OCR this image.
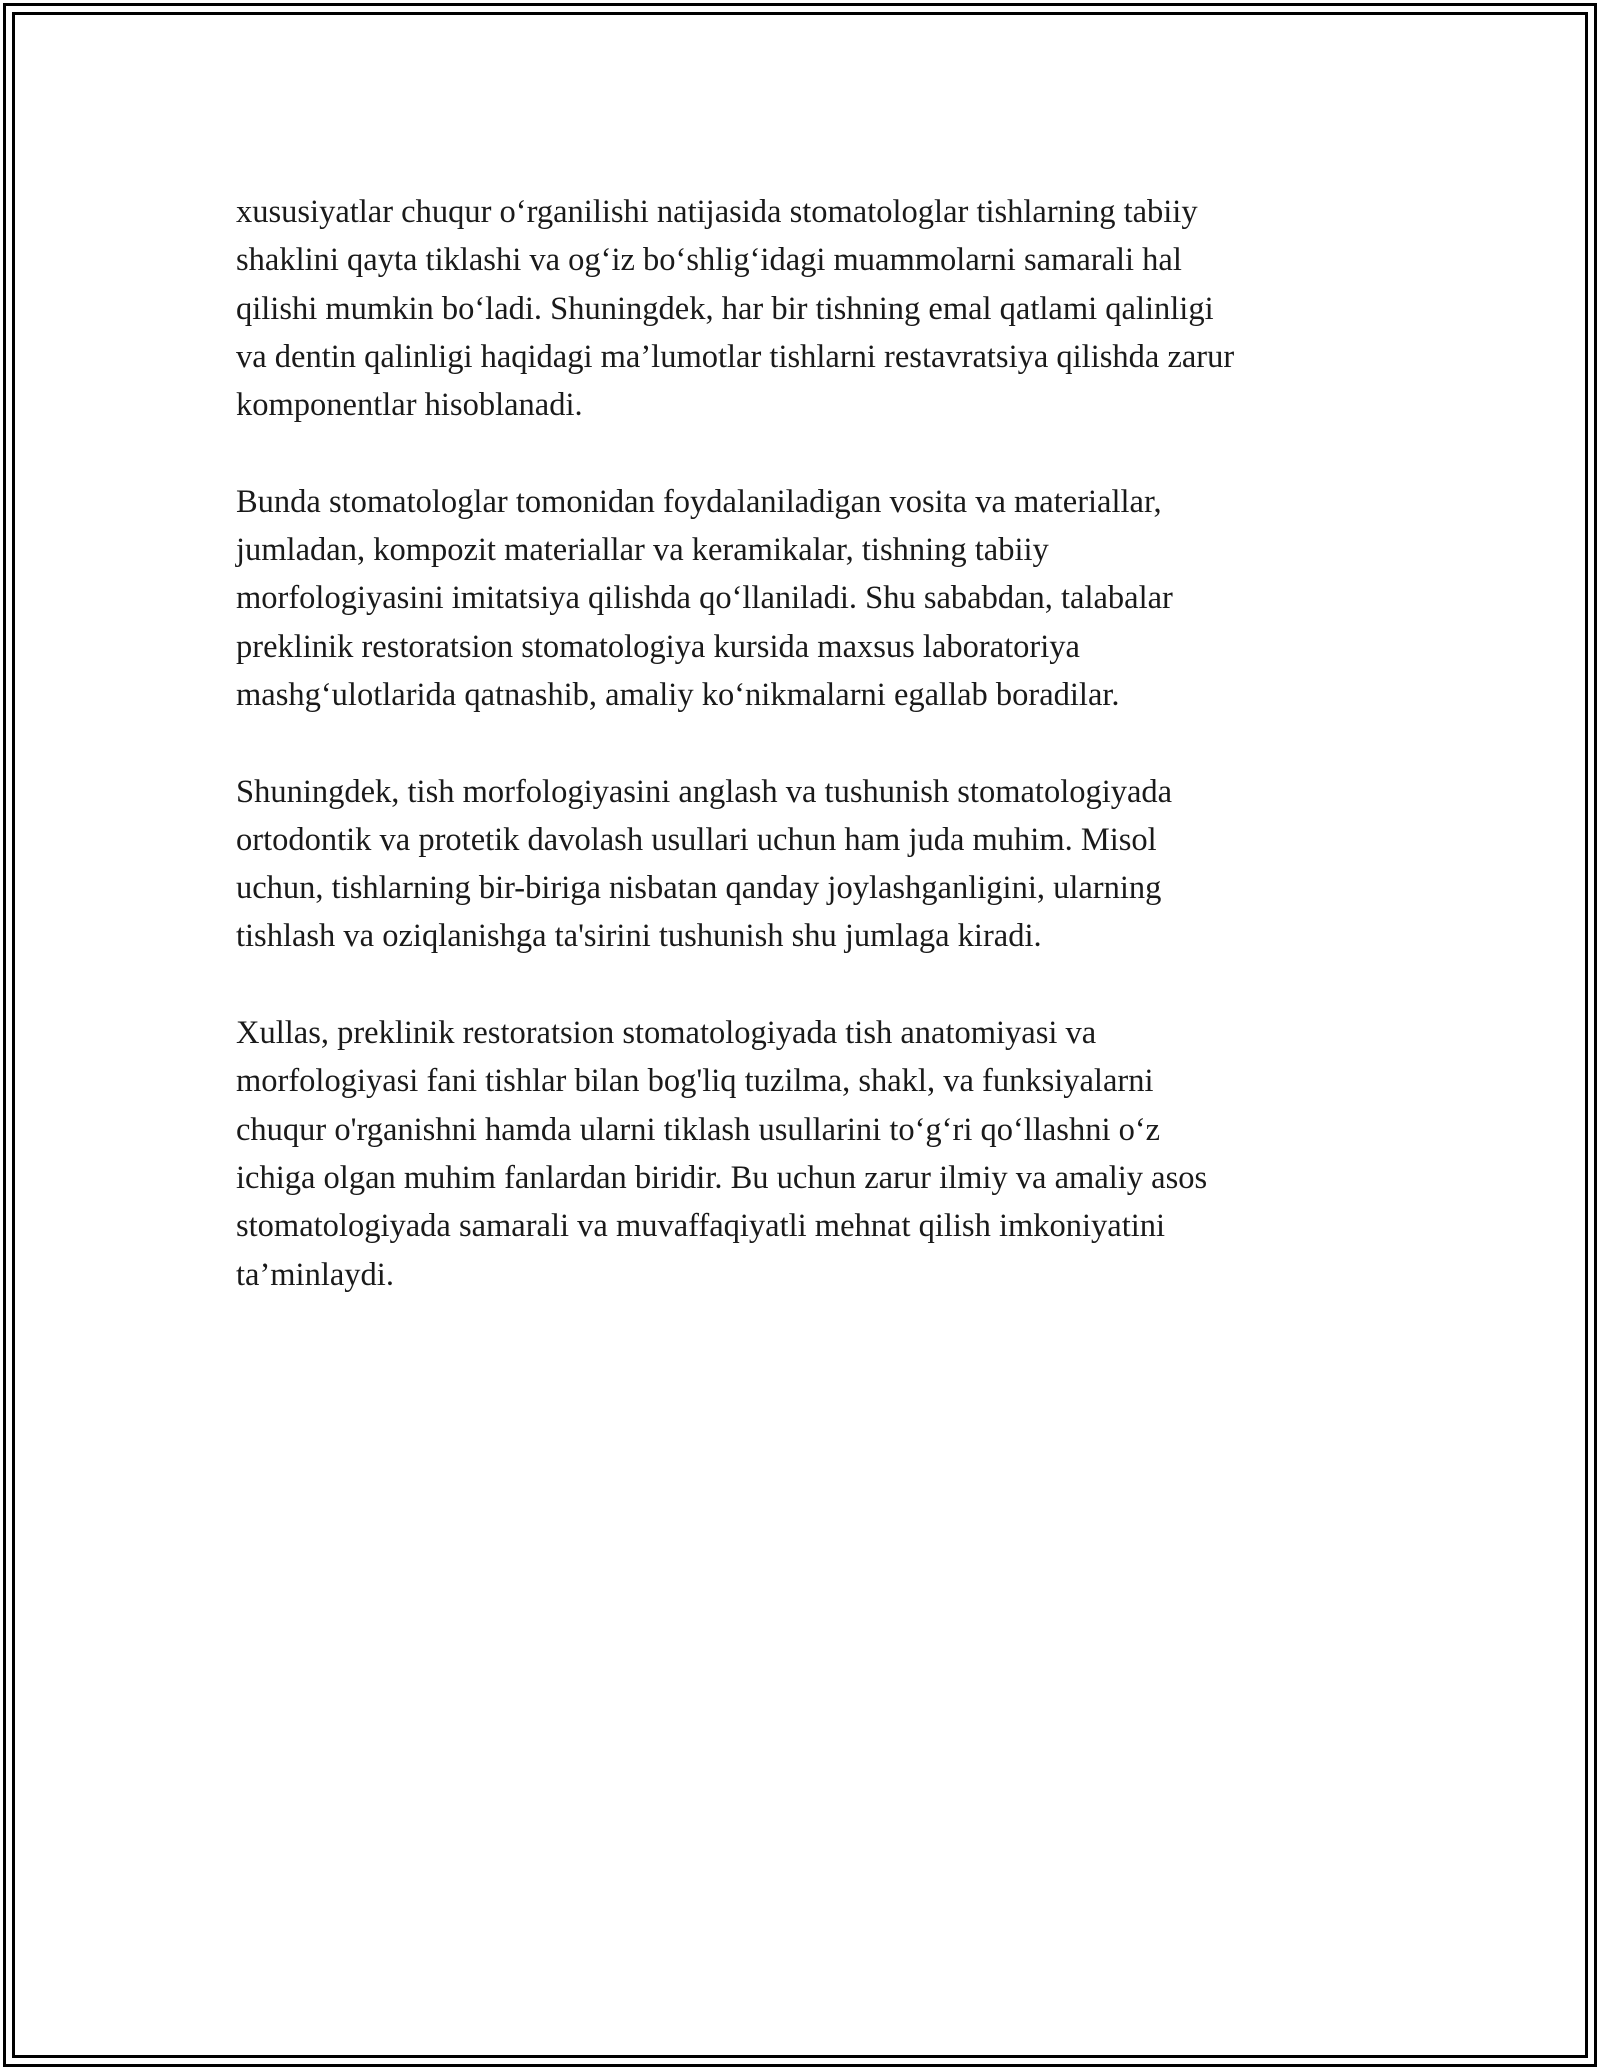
xususiyatlar chuqur o‘rganilishi natijasida stomatologlar tishlarning tabiiy
shaklini qayta tiklashi va og‘iz bo‘shlig‘idagi muammolarni samarali hal
qilishi mumkin bo‘ladi. Shuningdek, har bir tishning emal qatlami qalinligi
va dentin qalinligi haqidagi ma’lumotlar tishlarni restavratsiya qilishda zarur
komponentlar hisoblanadi.

Bunda stomatologlar tomonidan foydalaniladigan vosita va materiallar,
jumladan, kompozit materiallar va keramikalar, tishning tabiiy
morfologiyasini imitatsiya qilishda qo‘llaniladi. Shu sababdan, talabalar
preklinik restoratsion stomatologiya kursida maxsus laboratoriya
mashg‘ulotlarida qatnashib, amaliy ko‘nikmalarni egallab boradilar.

Shuningdek, tish morfologiyasini anglash va tushunish stomatologiyada
ortodontik va protetik davolash usullari uchun ham juda muhim. Misol
uchun, tishlarning bir-biriga nisbatan qanday joylashganligini, ularning
tishlash va oziqlanishga ta'sirini tushunish shu jumlaga kiradi.

Xullas, preklinik restoratsion stomatologiyada tish anatomiyasi va
morfologiyasi fani tishlar bilan bog'liq tuzilma, shakl, va funksiyalarni
chuqur o'rganishni hamda ularni tiklash usullarini to‘g‘ri qo‘llashni o‘z
ichiga olgan muhim fanlardan biridir. Bu uchun zarur ilmiy va amaliy asos
stomatologiyada samarali va muvaffaqiyatli mehnat qilish imkoniyatini
ta’minlaydi.
